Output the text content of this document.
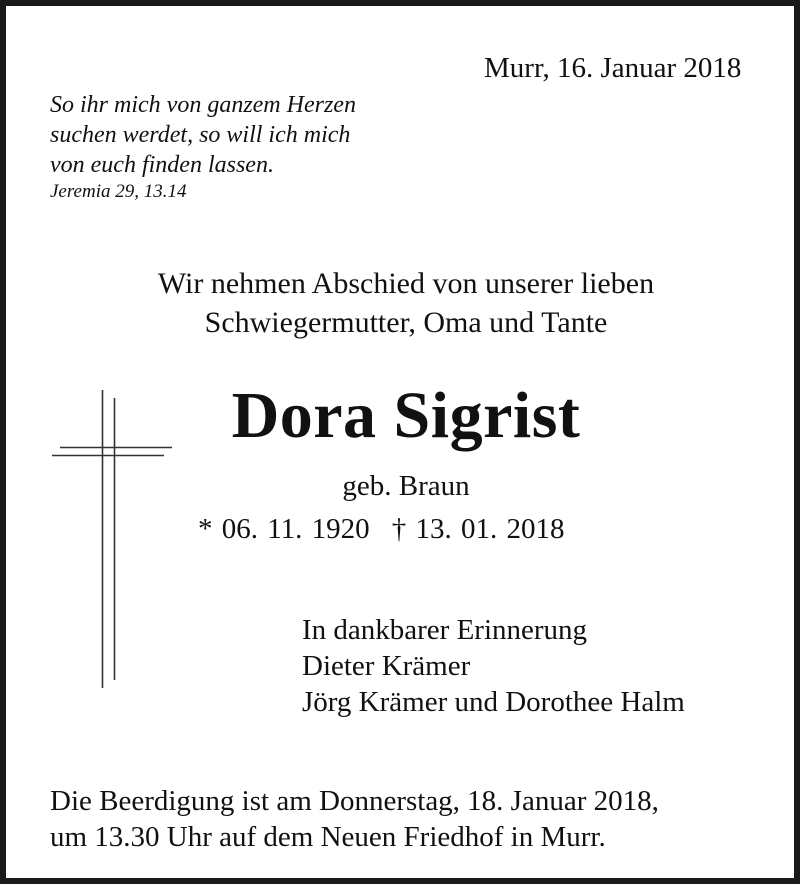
Murr, 16. Januar 2018
So ihr mich von ganzem Herzen
suchen werdet, so will ich mich
von euch finden lassen.
Jeremia 29, 13.14
Wir nehmen Abschied von unserer lieben
Schwiegermutter, Oma und Tante
Dora Sigrist
geb. Braun
* 06. 11. 1920 † 13. 01. 2018
In dankbarer Erinnerung
Dieter Krämer
Jörg Krämer und Dorothee Halm
Die Beerdigung ist am Donnerstag, 18. Januar 2018,
um 13.30 Uhr auf dem Neuen Friedhof in Murr.
